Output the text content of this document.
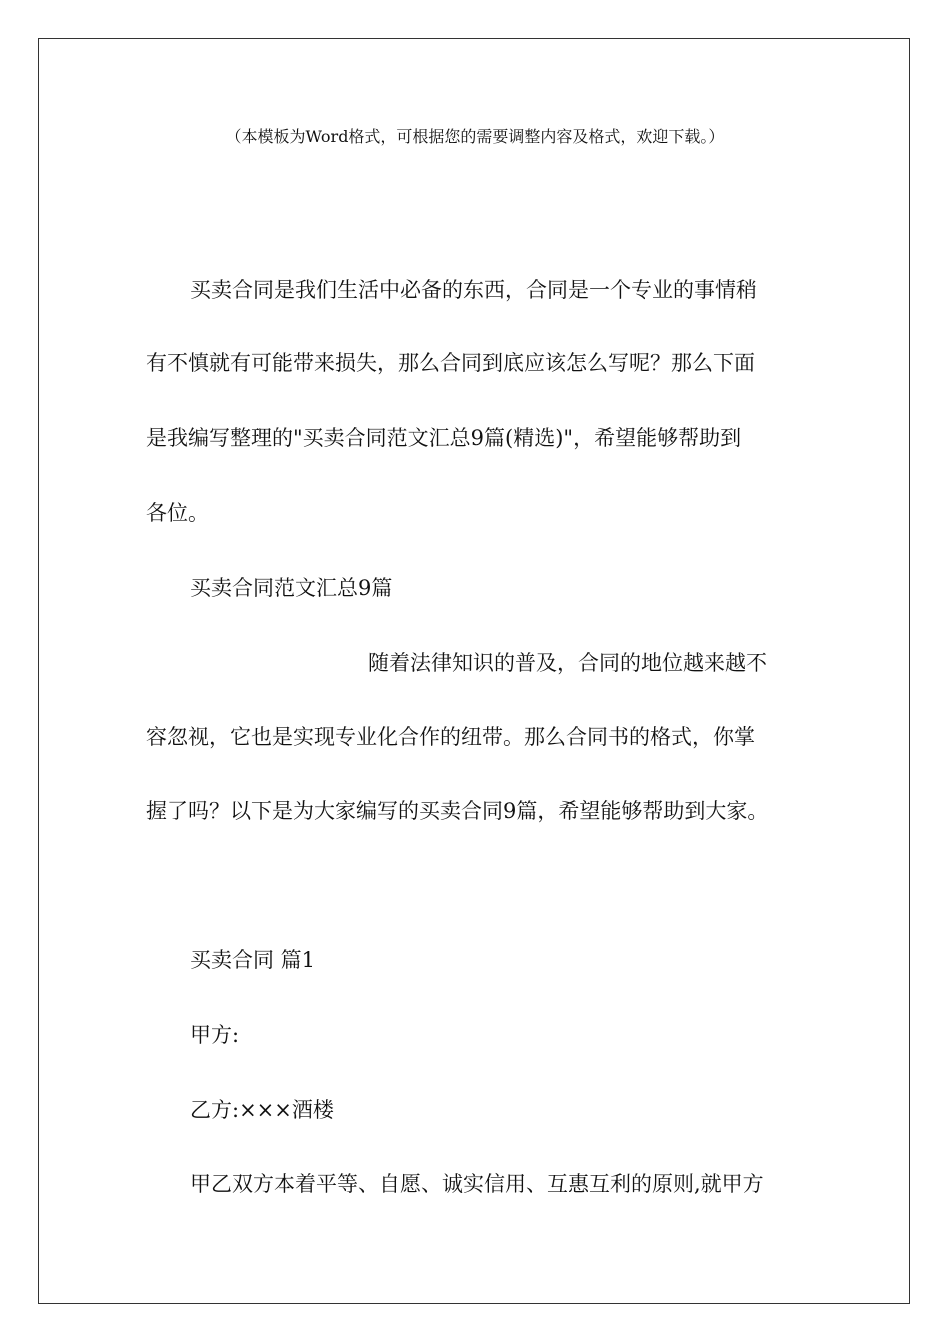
（本模板为Word格式，可根据您的需要调整内容及格式，欢迎下载。）
买卖合同是我们生活中必备的东西，合同是一个专业的事情稍
有不慎就有可能带来损失，那么合同到底应该怎么写呢？那么下面
是我编写整理的"买卖合同范文汇总9篇(精选)"，希望能够帮助到
各位。
买卖合同范文汇总9篇
随着法律知识的普及，合同的地位越来越不
容忽视，它也是实现专业化合作的纽带。那么合同书的格式，你掌
握了吗？以下是为大家编写的买卖合同9篇，希望能够帮助到大家。
买卖合同 篇1
甲方:
乙方:×××酒楼
甲乙双方本着平等、自愿、诚实信用、互惠互利的原则,就甲方
